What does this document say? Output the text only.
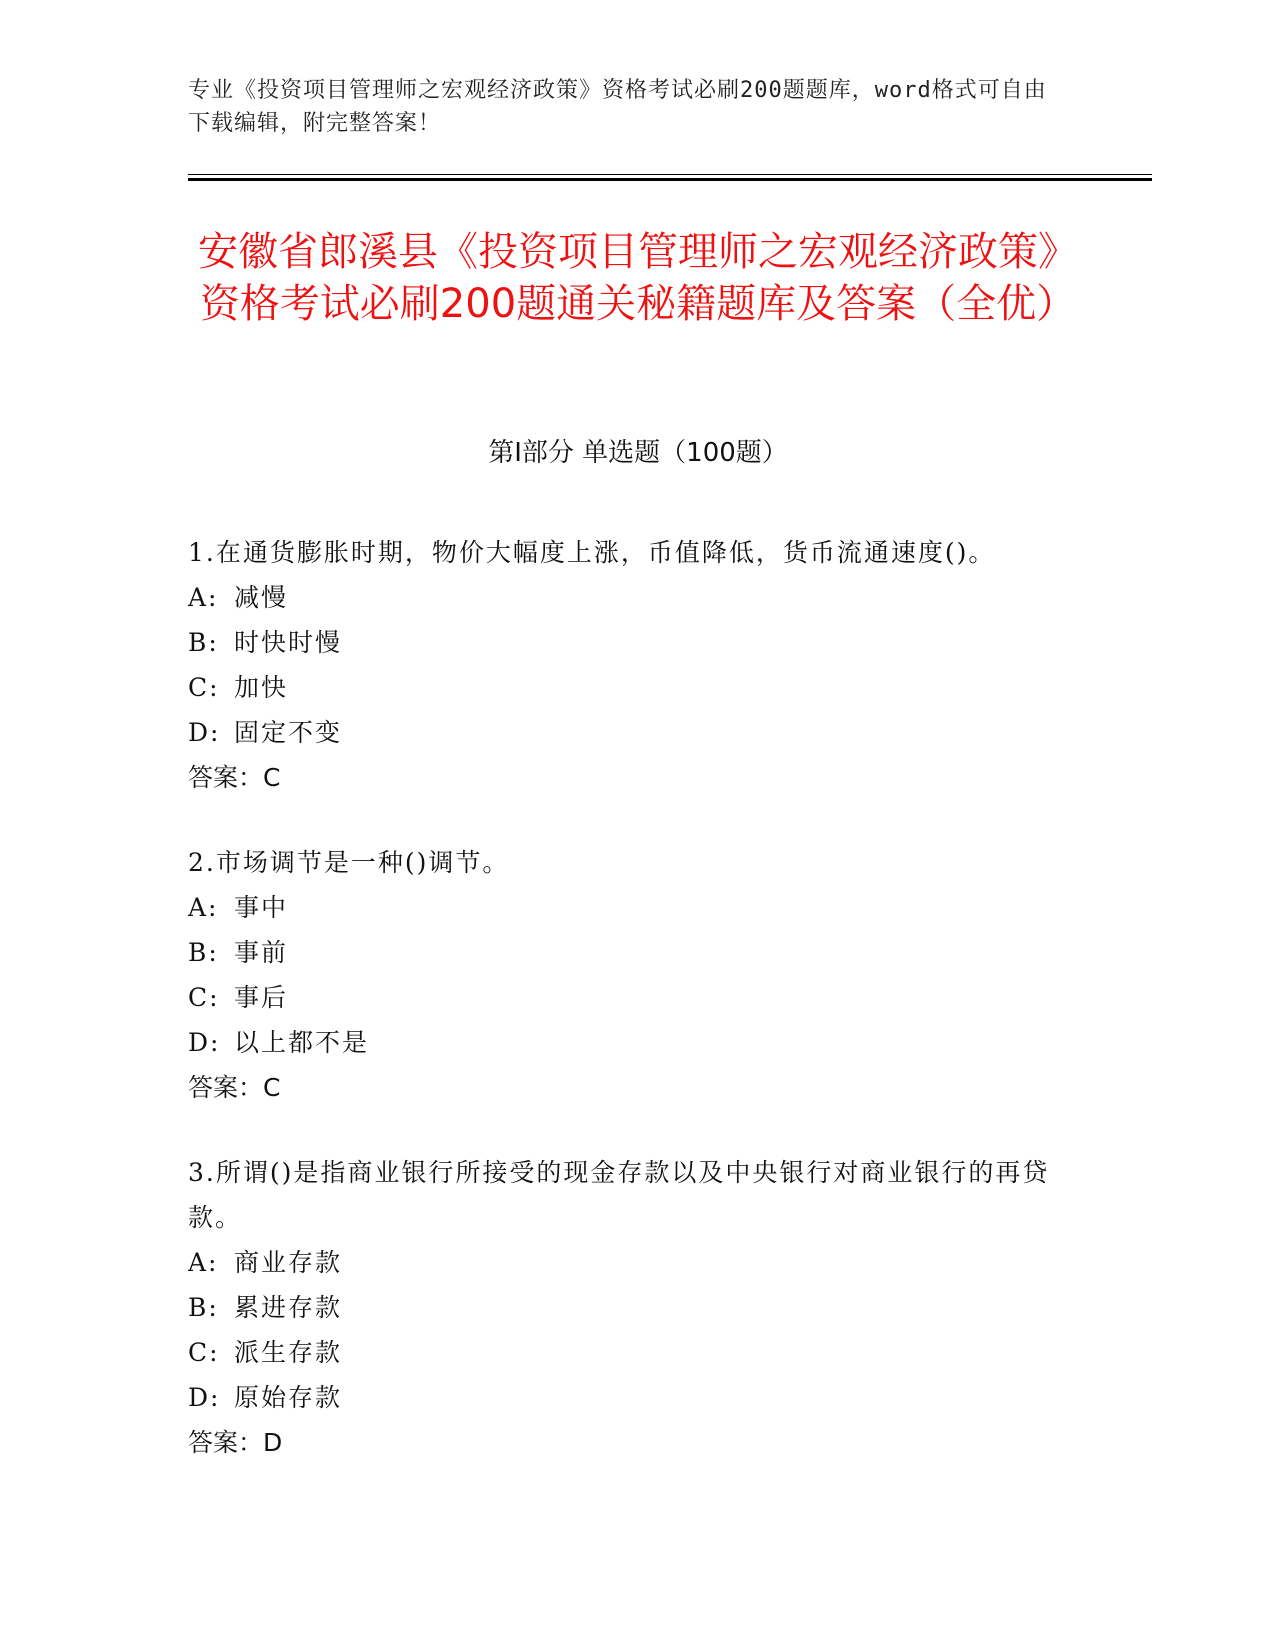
专业《投资项目管理师之宏观经济政策》资格考试必刷200题题库，word格式可自由下载编辑，附完整答案！

安徽省郎溪县《投资项目管理师之宏观经济政策》资格考试必刷200题通关秘籍题库及答案（全优）
第Ⅰ部分 单选题（100题）

1.在通货膨胀时期，物价大幅度上涨，币值降低，货币流通速度()。

A: 减慢

B: 时快时慢

C: 加快

D: 固定不变

答案：C

2.市场调节是一种()调节。

A: 事中

B: 事前

C: 事后

D: 以上都不是

答案：C

3.所谓()是指商业银行所接受的现金存款以及中央银行对商业银行的再贷款。

A: 商业存款

B: 累进存款

C: 派生存款

D: 原始存款

答案：D
